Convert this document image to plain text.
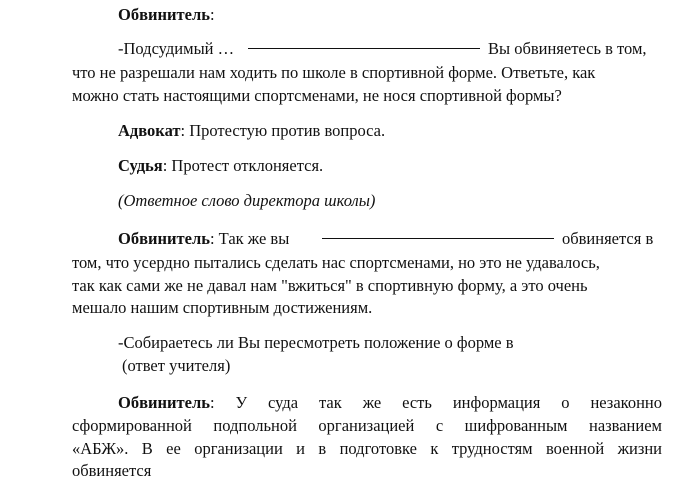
Обвинитель:
-Подсудимый …	Вы обвиняетесь в том,
что не разрешали нам ходить по школе в спортивной форме. Ответьте, как
можно стать настоящими спортсменами, не нося спортивной формы?
Адвокат: Протестую против вопроса.
Судья: Протест отклоняется.
(Ответное слово директора школы)
Обвинитель: Так же вы	обвиняется в
том, что усердно пытались сделать нас спортсменами, но это не удавалось,
так как сами же не давал нам "вжиться" в спортивную форму, а это очень
мешало нашим спортивным достижениям.
-Собираетесь ли Вы пересмотреть положение о форме в
(ответ учителя)
Обвинитель: У суда так же есть информация о незаконно
сформированной подпольной организацией с шифрованным названием
«АБЖ». В ее организации и в подготовке к трудностям военной жизни
обвиняется
